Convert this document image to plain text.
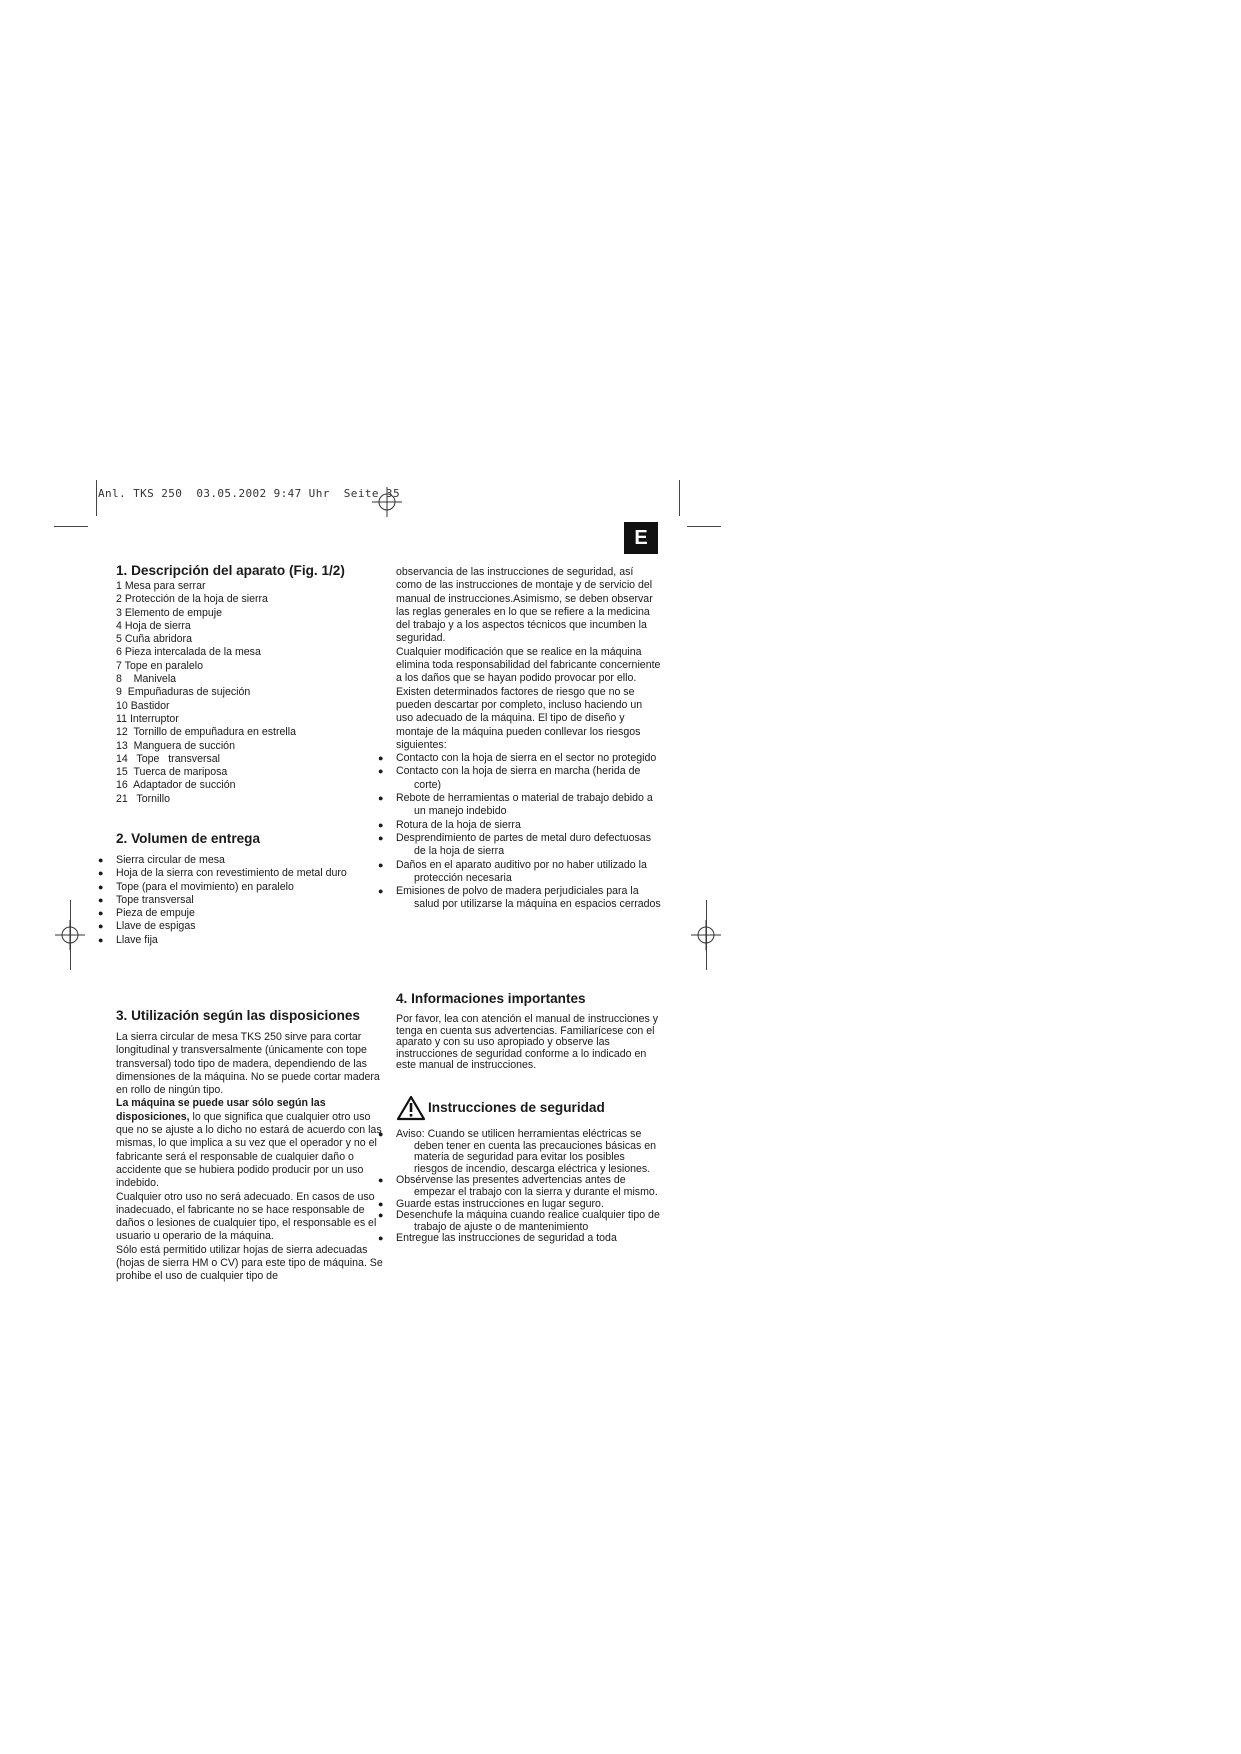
Anl. TKS 250  03.05.2002 9:47 Uhr  Seite 35
E
1. Descripción del aparato (Fig. 1/2)
1 Mesa para serrar
2 Protección de la hoja de sierra
3 Elemento de empuje
4 Hoja de sierra
5 Cuña abridora
6 Pieza intercalada de la mesa
7 Tope en paralelo
8    Manivela
9  Empuñaduras de sujeción
10 Bastidor
11 Interruptor
12  Tornillo de empuñadura en estrella
13  Manguera de succión
14   Tope   transversal
15  Tuerca de mariposa
16  Adaptador de succión
21   Tornillo
2. Volumen de entrega
● Sierra circular de mesa
● Hoja de la sierra con revestimiento de metal duro
● Tope (para el movimiento) en paralelo
● Tope transversal
● Pieza de empuje
● Llave de espigas
● Llave fija
3. Utilización según las disposiciones

La sierra circular de mesa TKS 250 sirve para cortar longitudinal y transversalmente (únicamente con tope transversal) todo tipo de madera, dependiendo de las dimensiones de la máquina. No se puede cortar madera en rollo de ningún tipo.

La máquina se puede usar sólo según las disposiciones, lo que significa que cualquier otro uso que no se ajuste a lo dicho no estará de acuerdo con las mismas, lo que implica a su vez que el operador y no el fabricante será el responsable de cualquier daño o accidente que se hubiera podido producir por un uso indebido.

Cualquier otro uso no será adecuado. En casos de uso inadecuado, el fabricante no se hace responsable de daños o lesiones de cualquier tipo, el responsable es el usuario u operario de la máquina.

Sólo está permitido utilizar hojas de sierra adecuadas (hojas de sierra HM o CV) para este tipo de máquina. Se prohibe el uso de cualquier tipo de

observancia de las instrucciones de seguridad, así como de las instrucciones de montaje y de servicio del manual de instrucciones.Asimismo, se deben observar las reglas generales en lo que se refiere a la medicina del trabajo y a los aspectos técnicos que incumben la seguridad.

Cualquier modificación que se realice en la máquina elimina toda responsabilidad del fabricante concerniente a los daños que se hayan podido provocar por ello.

Existen determinados factores de riesgo que no se pueden descartar por completo, incluso haciendo un uso adecuado de la máquina. El tipo de diseño y montaje de la máquina pueden conllevar los riesgos siguientes:

● Contacto con la hoja de sierra en el sector no protegido
● Contacto con la hoja de sierra en marcha (herida de corte)
● Rebote de herramientas o material de trabajo debido a un manejo indebido
● Rotura de la hoja de sierra
● Desprendimiento de partes de metal duro defectuosas de la hoja de sierra
● Daños en el aparato auditivo por no haber utilizado la protección necesaria
● Emisiones de polvo de madera perjudiciales para la salud por utilizarse la máquina en espacios cerrados
4. Informaciones importantes

Por favor, lea con atención el manual de instrucciones y tenga en cuenta sus advertencias. Familiarícese con el aparato y con su uso apropiado y observe las instrucciones de seguridad conforme a lo indicado en este manual de instrucciones.

Instrucciones de seguridad
● Aviso: Cuando se utilicen herramientas eléctricas se deben tener en cuenta las precauciones básicas en materia de seguridad para evitar los posibles riesgos de incendio, descarga eléctrica y lesiones.
● Obsérvense las presentes advertencias antes de empezar el trabajo con la sierra y durante el mismo.
● Guarde estas instrucciones en lugar seguro.
● Desenchufe la máquina cuando realice cualquier tipo de trabajo de ajuste o de mantenimiento
● Entregue las instrucciones de seguridad a toda
